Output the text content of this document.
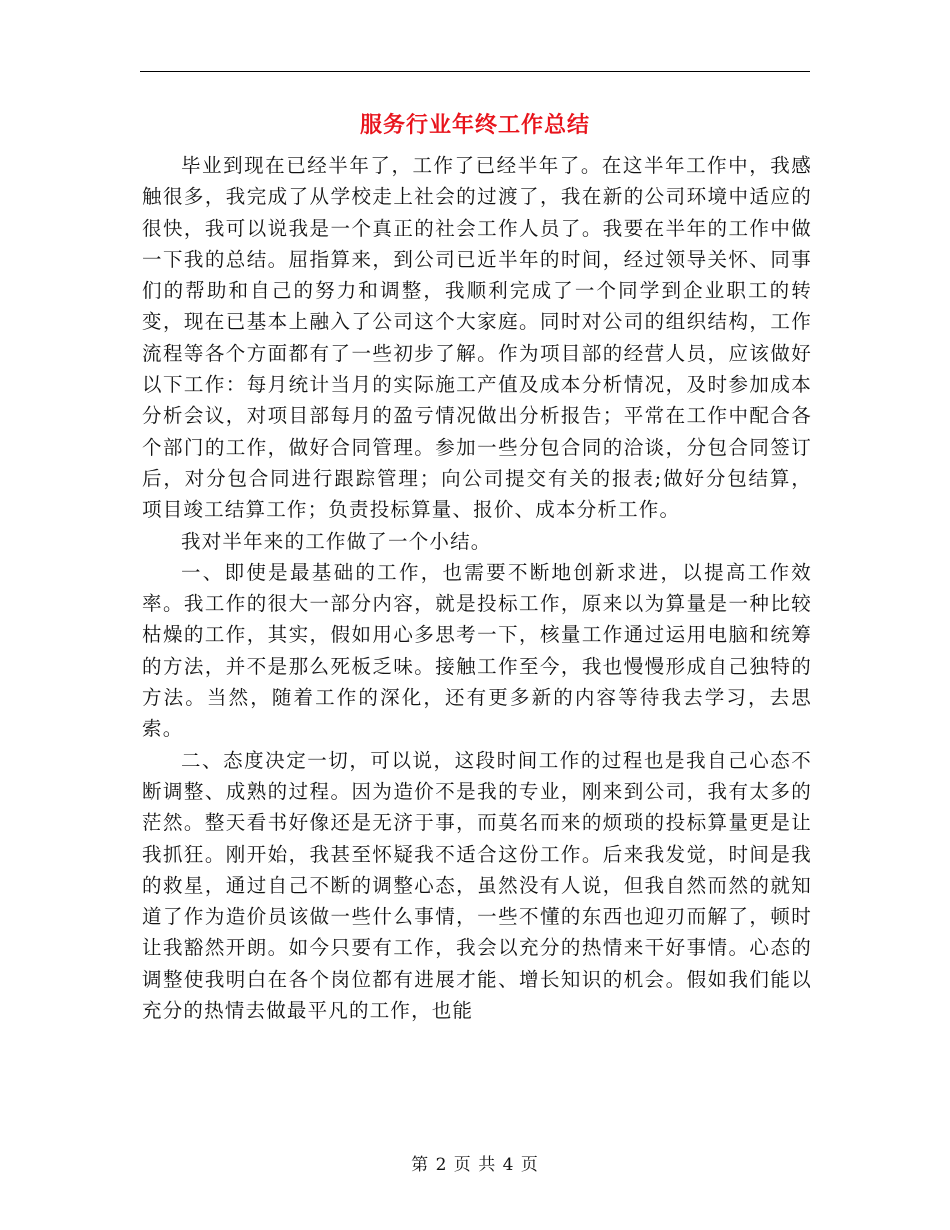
服务行业年终工作总结

毕业到现在已经半年了，工作了已经半年了。在这半年工作中，我感触很多，我完成了从学校走上社会的过渡了，我在新的公司环境中适应的很快，我可以说我是一个真正的社会工作人员了。我要在半年的工作中做一下我的总结。屈指算来，到公司已近半年的时间，经过领导关怀、同事们的帮助和自己的努力和调整，我顺利完成了一个同学到企业职工的转变，现在已基本上融入了公司这个大家庭。同时对公司的组织结构，工作流程等各个方面都有了一些初步了解。作为项目部的经营人员，应该做好以下工作：每月统计当月的实际施工产值及成本分析情况，及时参加成本分析会议，对项目部每月的盈亏情况做出分析报告；平常在工作中配合各个部门的工作，做好合同管理。参加一些分包合同的洽谈，分包合同签订后，对分包合同进行跟踪管理；向公司提交有关的报表;做好分包结算，项目竣工结算工作；负责投标算量、报价、成本分析工作。

我对半年来的工作做了一个小结。

一、即使是最基础的工作，也需要不断地创新求进，以提高工作效率。我工作的很大一部分内容，就是投标工作，原来以为算量是一种比较枯燥的工作，其实，假如用心多思考一下，核量工作通过运用电脑和统筹的方法，并不是那么死板乏味。接触工作至今，我也慢慢形成自己独特的方法。当然，随着工作的深化，还有更多新的内容等待我去学习，去思索。

二、态度决定一切，可以说，这段时间工作的过程也是我自己心态不断调整、成熟的过程。因为造价不是我的专业，刚来到公司，我有太多的茫然。整天看书好像还是无济于事，而莫名而来的烦琐的投标算量更是让我抓狂。刚开始，我甚至怀疑我不适合这份工作。后来我发觉，时间是我的救星，通过自己不断的调整心态，虽然没有人说，但我自然而然的就知道了作为造价员该做一些什么事情，一些不懂的东西也迎刃而解了，顿时让我豁然开朗。如今只要有工作，我会以充分的热情来干好事情。心态的调整使我明白在各个岗位都有进展才能、增长知识的机会。假如我们能以充分的热情去做最平凡的工作，也能

第 2 页 共 4 页
